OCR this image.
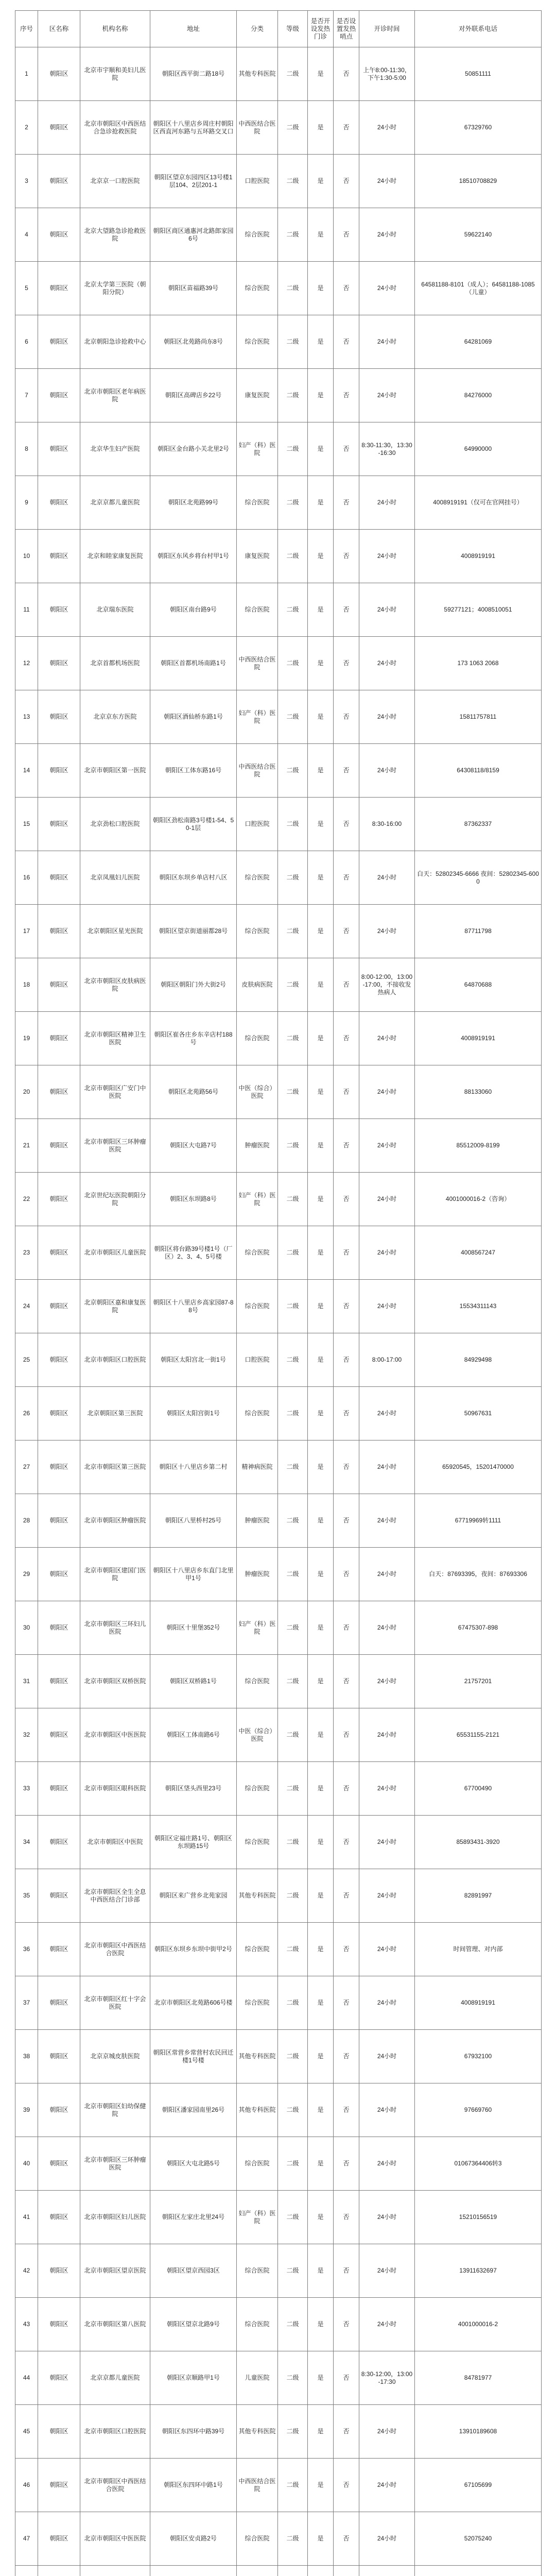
序号	区名称	机构名称	地址	分类	等级	是否开设发热门诊	是否设置发热哨点	开诊时间	对外联系电话
1	朝阳区	北京市宇顺和美妇儿医院	朝阳区西平街二路18号	其他专科医院	二级	是	否	上午8:00-11:30，下午1:30-5:00	50851111
2	朝阳区	北京市朝阳区中西医结合急诊抢救医院	朝阳区十八里店乡周庄村朝阳区西直河东路与五环路交叉口	中西医结合医院	二级	是	否	24小时	67329760
3	朝阳区	北京京一口腔医院	朝阳区望京东园四区13号楼1层104、2层201-1	口腔医院	二级	是	否	24小时	18510708829
4	朝阳区	北京大望路急诊抢救医院	朝阳区商区通惠河北路郎家园6号	综合医院	二级	是	否	24小时	59622140
5	朝阳区	北京太学第三医院（朝阳分院）	朝阳区苗福路39号	综合医院	二级	是	否	24小时	64581188-8101（成人）；64581188-1085（儿童）
6	朝阳区	北京朝阳急诊抢救中心	朝阳区北苑路尚东8号	综合医院	二级	是	否	24小时	64281069
7	朝阳区	北京市朝阳区老年病医院	朝阳区高碑店乡22号	康复医院	二级	是	否	24小时	84276000
8	朝阳区	北京华生妇产医院	朝阳区金台路小关北里2号	妇产（科）医院	二级	是	否	8:30-11:30，13:30-16:30	64990000
9	朝阳区	北京京都儿童医院	朝阳区北苑路99号	综合医院	二级	是	否	24小时	4008919191（仅可在官网挂号）
10	朝阳区	北京和睦家康复医院	朝阳区东风乡将台村甲1号	康复医院	二级	是	否	24小时	4008919191
11	朝阳区	北京瑞东医院	朝阳区南台路9号	综合医院	二级	是	否	24小时	59277121；4008510051
12	朝阳区	北京首都机场医院	朝阳区首都机场南路1号	中西医结合医院	二级	是	否	24小时	173 1063 2068
13	朝阳区	北京京东方医院	朝阳区酒仙桥东路1号	妇产（科）医院	二级	是	否	24小时	15811757811
14	朝阳区	北京市朝阳区第一医院	朝阳区工体东路16号	中西医结合医院	二级	是	否	24小时	64308118/8159
15	朝阳区	北京劲松口腔医院	朝阳区劲松南路3号楼1-54、50-1层	口腔医院	二级	是	否	8:30-16:00	87362337
16	朝阳区	北京凤凰妇儿医院	朝阳区东坝乡单店村八区	综合医院	二级	是	否	24小时	白天：52802345-6666 夜间：52802345-6000
17	朝阳区	北京朝阳区星光医院	朝阳区望京街道丽都28号	综合医院	二级	是	否	24小时	87711798
18	朝阳区	北京市朝阳区皮肤病医院	朝阳区朝阳门外大街2号	皮肤病医院	二级	是	否	8:00-12:00，13:00-17:00，不接收发热病人	64870688
19	朝阳区	北京市朝阳区精神卫生医院	朝阳区崔各庄乡东辛店村188号	综合医院	二级	是	否	24小时	4008919191
20	朝阳区	北京市朝阳区广安门中医院	朝阳区北苑路56号	中医（综合）医院	二级	是	否	24小时	88133060
21	朝阳区	北京市朝阳区三环肿瘤医院	朝阳区大屯路7号	肿瘤医院	二级	是	否	24小时	85512009-8199
22	朝阳区	北京世纪坛医院朝阳分院	朝阳区东坝路8号	妇产（科）医院	二级	是	否	24小时	4001000016-2（咨询）
23	朝阳区	北京市朝阳区儿童医院	朝阳区将台路39号楼1号（厂区）2、3、4、5号楼	综合医院	二级	是	否	24小时	4008567247
24	朝阳区	北京朝阳区嘉和康复医院	朝阳区十八里店乡高家园87-88号	综合医院	二级	是	否	24小时	15534311143
25	朝阳区	北京市朝阳区口腔医院	朝阳区太阳宫北一街1号	口腔医院	二级	是	否	8:00-17:00	84929498
26	朝阳区	北京朝阳区第三医院	朝阳区太阳宫街1号	综合医院	二级	是	否	24小时	50967631
27	朝阳区	北京市朝阳区第三医院	朝阳区十八里店乡第二村	精神病医院	二级	是	否	24小时	65920545，15201470000
28	朝阳区	北京市朝阳区肿瘤医院	朝阳区八里桥村25号	肿瘤医院	二级	是	否	24小时	67719969转1111
29	朝阳区	北京市朝阳区建国门医院	朝阳区十八里店乡东直门北里甲1号	肿瘤医院	二级	是	否	24小时	白天：87693395，夜间：87693306
30	朝阳区	北京市朝阳区三环妇儿医院	朝阳区十里堡352号	妇产（科）医院	二级	是	否	24小时	67475307-898
31	朝阳区	北京市朝阳区双桥医院	朝阳区双桥路1号	综合医院	二级	是	否	24小时	21757201
32	朝阳区	北京市朝阳区中医医院	朝阳区工体南路6号	中医（综合）医院	二级	是	否	24小时	65531155-2121
33	朝阳区	北京市朝阳区眼科医院	朝阳区垡头西里23号	综合医院	二级	是	否	24小时	67700490
34	朝阳区	北京市朝阳区中医院	朝阳区定福庄路1号、朝阳区东坝路15号	综合医院	二级	是	否	24小时	85893431-3920
35	朝阳区	北京市朝阳区全生全息中西医结合门诊部	朝阳区来广营乡北苑家园	其他专科医院	二级	是	否	24小时	82891997
36	朝阳区	北京市朝阳区中西医结合医院	朝阳区东坝乡东坝中街甲2号	综合医院	二级	是	否	24小时	时间管理、对内部
37	朝阳区	北京市朝阳区红十字会医院	北京市朝阳区北苑路606号楼	综合医院	二级	是	否	24小时	4008919191
38	朝阳区	北京京城皮肤医院	朝阳区常营乡常营村农民回迁楼1号楼	其他专科医院	二级	是	否	24小时	67932100
39	朝阳区	北京市朝阳区妇幼保健院	朝阳区潘家园南里26号	其他专科医院	二级	是	否	24小时	97669760
40	朝阳区	北京市朝阳区三环肿瘤医院	朝阳区大屯北路5号	综合医院	二级	是	否	24小时	01067364406转3
41	朝阳区	北京市朝阳区妇儿医院	朝阳区左家庄北里24号	妇产（科）医院	二级	是	否	24小时	15210156519
42	朝阳区	北京市朝阳区望京医院	朝阳区望京西园3区	综合医院	二级	是	否	24小时	13911632697
43	朝阳区	北京市朝阳区第八医院	朝阳区望京北路9号	综合医院	二级	是	否	24小时	4001000016-2
44	朝阳区	北京京都儿童医院	朝阳区京顺路甲1号	儿童医院	二级	是	否	8:30-12:00，13:00-17:30	84781977
45	朝阳区	北京市朝阳区口腔医院	朝阳区东四环中路39号	其他专科医院	二级	是	否	24小时	13910189608
46	朝阳区	北京市朝阳区中西医结合医院	朝阳区东四环中路1号	中西医结合医院	二级	是	否	24小时	67105699
47	朝阳区	北京市朝阳区中医医院	朝阳区安贞路2号	综合医院	二级	是	否	24小时	52075240
